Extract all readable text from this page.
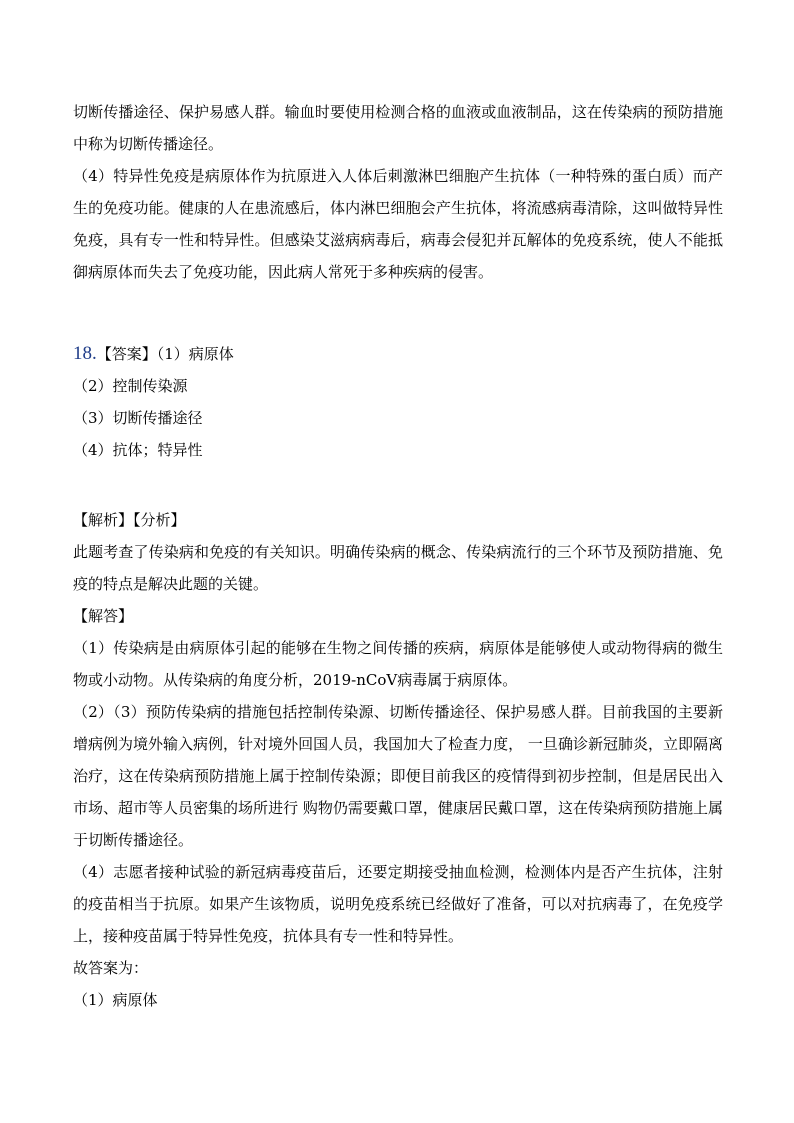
切断传播途径、保护易感人群。输血时要使用检测合格的血液或血液制品，这在传染病的预防措施中称为切断传播途径。

（4）特异性免疫是病原体作为抗原进入人体后刺激淋巴细胞产生抗体（一种特殊的蛋白质）而产生的免疫功能。健康的人在患流感后，体内淋巴细胞会产生抗体，将流感病毒清除，这叫做特异性免疫，具有专一性和特异性。但感染艾滋病病毒后，病毒会侵犯并瓦解体的免疫系统，使人不能抵御病原体而失去了免疫功能，因此病人常死于多种疾病的侵害。

18.【答案】（1）病原体

（2）控制传染源

（3）切断传播途径

（4）抗体；特异性

【解析】【分析】

此题考查了传染病和免疫的有关知识。明确传染病的概念、传染病流行的三个环节及预防措施、免疫的特点是解决此题的关键。

【解答】

（1）传染病是由病原体引起的能够在生物之间传播的疾病，病原体是能够使人或动物得病的微生物或小动物。从传染病的角度分析，2019-nCoV病毒属于病原体。

（2）（3）预防传染病的措施包括控制传染源、切断传播途径、保护易感人群。目前我国的主要新增病例为境外输入病例，针对境外回国人员，我国加大了检查力度， 一旦确诊新冠肺炎，立即隔离治疗，这在传染病预防措施上属于控制传染源；即便目前我区的疫情得到初步控制，但是居民出入市场、超市等人员密集的场所进行 购物仍需要戴口罩，健康居民戴口罩，这在传染病预防措施上属于切断传播途径。

（4）志愿者接种试验的新冠病毒疫苗后，还要定期接受抽血检测，检测体内是否产生抗体，注射的疫苗相当于抗原。如果产生该物质，说明免疫系统已经做好了准备，可以对抗病毒了，在免疫学上，接种疫苗属于特异性免疫，抗体具有专一性和特异性。

故答案为：

（1）病原体
